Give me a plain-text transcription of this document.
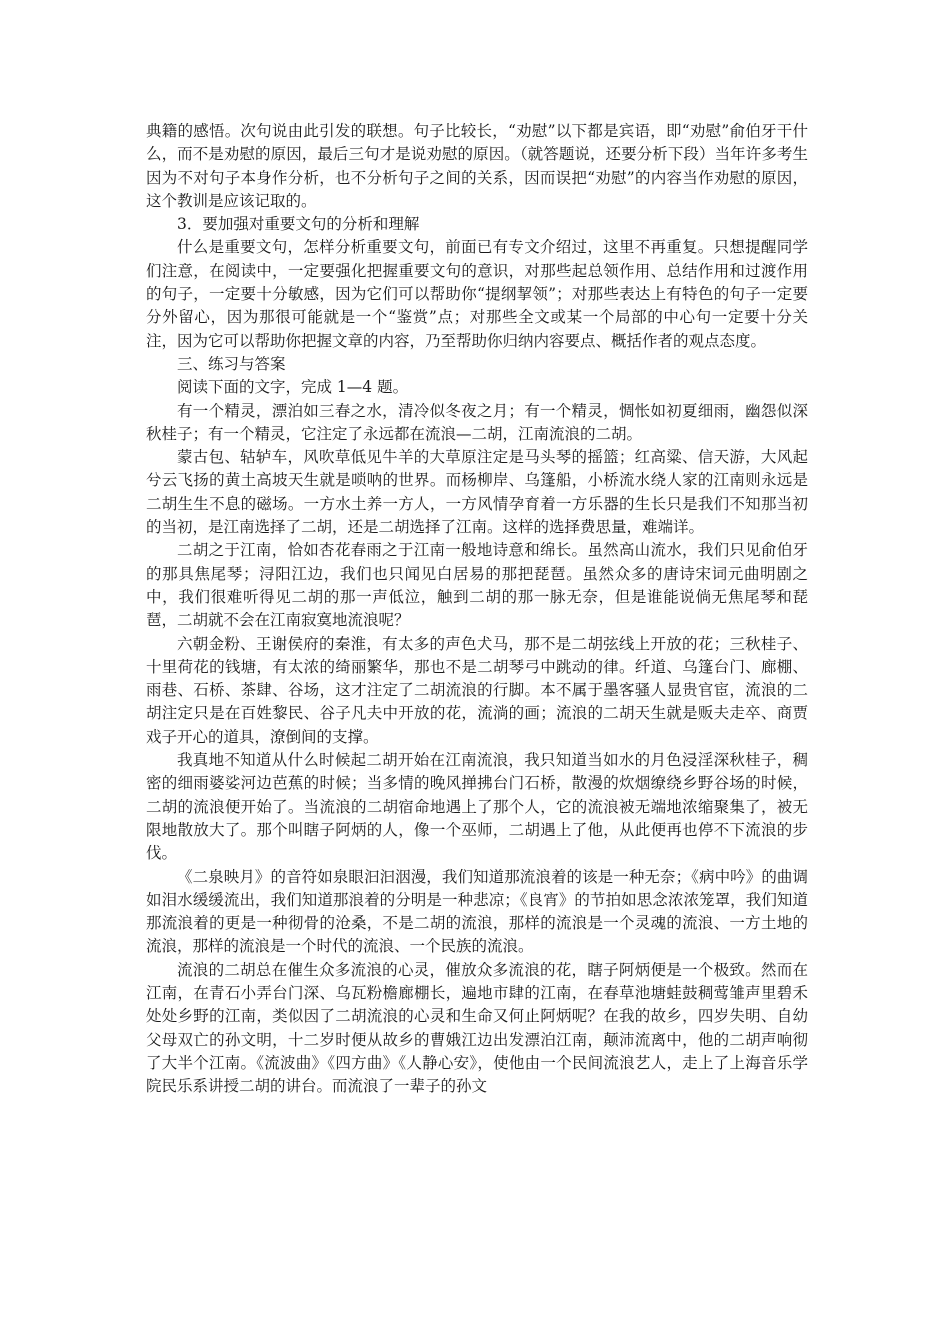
典籍的感悟。次句说由此引发的联想。句子比较长，“劝慰”以下都是宾语，即“劝慰”俞伯牙干什么，而不是劝慰的原因，最后三句才是说劝慰的原因。（就答题说，还要分析下段）当年许多考生因为不对句子本身作分析，也不分析句子之间的关系，因而误把“劝慰”的内容当作劝慰的原因，这个教训是应该记取的。

3．要加强对重要文句的分析和理解

什么是重要文句，怎样分析重要文句，前面已有专文介绍过，这里不再重复。只想提醒同学们注意，在阅读中，一定要强化把握重要文句的意识，对那些起总领作用、总结作用和过渡作用的句子，一定要十分敏感，因为它们可以帮助你“提纲挈领”；对那些表达上有特色的句子一定要分外留心，因为那很可能就是一个“鉴赏”点；对那些全文或某一个局部的中心句一定要十分关注，因为它可以帮助你把握文章的内容，乃至帮助你归纳内容要点、概括作者的观点态度。

三、练习与答案

阅读下面的文字，完成 1—4 题。

有一个精灵，漂泊如三春之水，清冷似冬夜之月；有一个精灵，惆怅如初夏细雨，幽怨似深秋桂子；有一个精灵，它注定了永远都在流浪—二胡，江南流浪的二胡。

蒙古包、轱轳车，风吹草低见牛羊的大草原注定是马头琴的摇篮；红高粱、信天游，大风起兮云飞扬的黄土高坡天生就是唢呐的世界。而杨柳岸、乌篷船，小桥流水绕人家的江南则永远是二胡生生不息的磁场。一方水土养一方人，一方风情孕育着一方乐器的生长只是我们不知那当初的当初，是江南选择了二胡，还是二胡选择了江南。这样的选择费思量，难端详。

二胡之于江南，恰如杏花春雨之于江南一般地诗意和绵长。虽然高山流水，我们只见俞伯牙的那具焦尾琴；浔阳江边，我们也只闻见白居易的那把琵琶。虽然众多的唐诗宋词元曲明剧之中，我们很难听得见二胡的那一声低泣，触到二胡的那一脉无奈，但是谁能说倘无焦尾琴和琵琶，二胡就不会在江南寂寞地流浪呢？

六朝金粉、王谢侯府的秦淮，有太多的声色犬马，那不是二胡弦线上开放的花；三秋桂子、十里荷花的钱塘，有太浓的绮丽繁华，那也不是二胡琴弓中跳动的律。纤道、乌篷台门、廊棚、雨巷、石桥、茶肆、谷场，这才注定了二胡流浪的行脚。本不属于墨客骚人显贵官宦，流浪的二胡注定只是在百姓黎民、谷子凡夫中开放的花，流淌的画；流浪的二胡天生就是贩夫走卒、商贾戏子开心的道具，潦倒间的支撑。

我真地不知道从什么时候起二胡开始在江南流浪，我只知道当如水的月色浸淫深秋桂子，稠密的细雨婆娑河边芭蕉的时候；当多情的晚风掸拂台门石桥，散漫的炊烟缭绕乡野谷场的时候，二胡的流浪便开始了。当流浪的二胡宿命地遇上了那个人，它的流浪被无端地浓缩聚集了，被无限地散放大了。那个叫瞎子阿炳的人，像一个巫师，二胡遇上了他，从此便再也停不下流浪的步伐。

《二泉映月》的音符如泉眼汩汩洇漫，我们知道那流浪着的该是一种无奈；《病中吟》的曲调如泪水缓缓流出，我们知道那浪着的分明是一种悲凉；《良宵》的节拍如思念浓浓笼罩，我们知道那流浪着的更是一种彻骨的沧桑，不是二胡的流浪，那样的流浪是一个灵魂的流浪、一方土地的流浪，那样的流浪是一个时代的流浪、一个民族的流浪。

流浪的二胡总在催生众多流浪的心灵，催放众多流浪的花，瞎子阿炳便是一个极致。然而在江南，在青石小弄台门深、乌瓦粉檐廊棚长，遍地市肆的江南，在春草池塘蛙鼓稠莺雏声里碧禾处处乡野的江南，类似因了二胡流浪的心灵和生命又何止阿炳呢？在我的故乡，四岁失明、自幼父母双亡的孙文明，十二岁时便从故乡的曹娥江边出发漂泊江南，颠沛流离中，他的二胡声响彻了大半个江南。《流波曲》《四方曲》《人静心安》，使他由一个民间流浪艺人，走上了上海音乐学院民乐系讲授二胡的讲台。而流浪了一辈子的孙文
